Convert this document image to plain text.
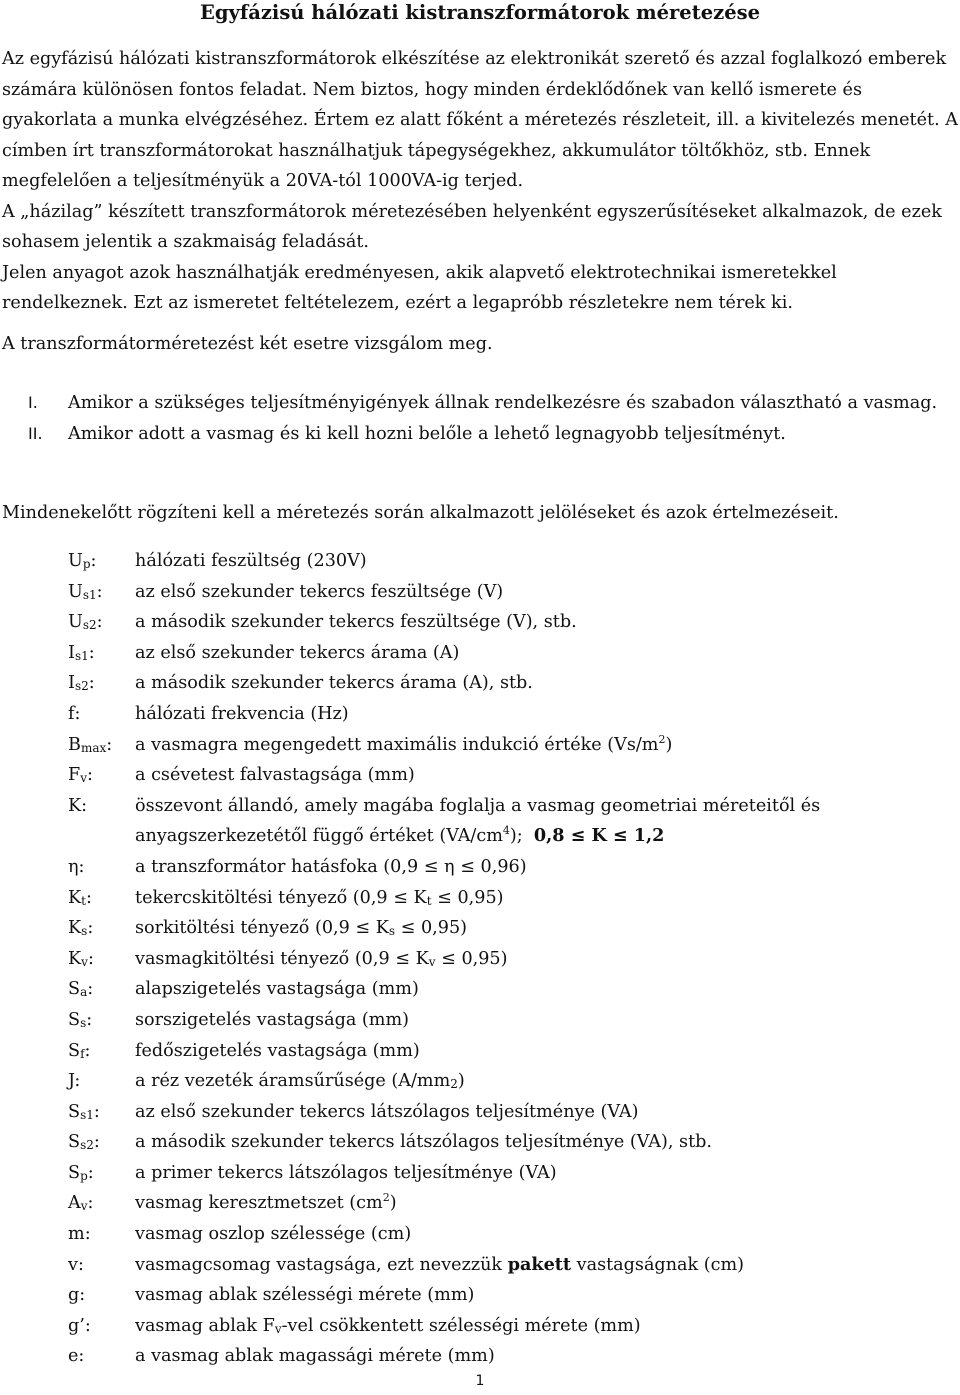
Egyfázisú hálózati kistranszformátorok méretezése

Az egyfázisú hálózati kistranszformátorok elkészítése az elektronikát szerető és azzal foglalkozó emberek számára különösen fontos feladat. Nem biztos, hogy minden érdeklődőnek van kellő ismerete és gyakorlata a munka elvégzéséhez. Értem ez alatt főként a méretezés részleteit, ill. a kivitelezés menetét. A címben írt transzformátorokat használhatjuk tápegységekhez, akkumulátor töltőkhöz, stb. Ennek megfelelően a teljesítményük a 20VA-tól 1000VA-ig terjed.

A „házilag” készített transzformátorok méretezésében helyenként egyszerűsítéseket alkalmazok, de ezek sohasem jelentik a szakmaiság feladását.

Jelen anyagot azok használhatják eredményesen, akik alapvető elektrotechnikai ismeretekkel rendelkeznek. Ezt az ismeretet feltételezem, ezért a legapróbb részletekre nem térek ki.

A transzformátorméretezést két esetre vizsgálom meg.

I.	Amikor a szükséges teljesítményigények állnak rendelkezésre és szabadon választható a vasmag.
II.	Amikor adott a vasmag és ki kell hozni belőle a lehető legnagyobb teljesítményt.
Mindenekelőtt rögzíteni kell a méretezés során alkalmazott jelöléseket és azok értelmezéseit.
Up:	hálózati feszültség (230V)
Us1:	az első szekunder tekercs feszültsége (V)
Us2:	a második szekunder tekercs feszültsége (V), stb.
Is1:	az első szekunder tekercs árama (A)
Is2:	a második szekunder tekercs árama (A), stb.
f:	hálózati frekvencia (Hz)
Bmax:	a vasmagra megengedett maximális indukció értéke $(Vs/m^2)$
Fv:	a csévetest falvastagsága (mm)
K:	összevont állandó, amely magába foglalja a vasmag geometriai méreteitől és
anyagszerkezetétől függő értéket $(VA/cm^4)$; 0,8 ≤ K ≤ 1,2
η:	a transzformátor hatásfoka (0,9 ≤ η ≤ 0,96)
Kt:	tekercskitöltési tényező (0,9 ≤ Kt ≤ 0,95)
Ks:	sorkitöltési tényező (0,9 ≤ Ks ≤ 0,95)
Kv:	vasmagkitöltési tényező (0,9 ≤ Kv ≤ 0,95)
Sa:	alapszigetelés vastagsága (mm)
Ss:	sorszigetelés vastagsága (mm)
Sf:	fedőszigetelés vastagsága (mm)
J:	a réz vezeték áramsűrűsége (A/mm2)
Ss1:	az első szekunder tekercs látszólagos teljesítménye (VA)
Ss2:	a második szekunder tekercs látszólagos teljesítménye (VA), stb.
Sp:	a primer tekercs látszólagos teljesítménye (VA)
Av:	vasmag keresztmetszet $(cm^2)$
m:	vasmag oszlop szélessége (cm)
v:	vasmagcsomag vastagsága, ezt nevezzük pakett vastagságnak (cm)
g:	vasmag ablak szélességi mérete (mm)
g’:	vasmag ablak Fv-vel csökkentett szélességi mérete (mm)
e:	a vasmag ablak magassági mérete (mm)
1
